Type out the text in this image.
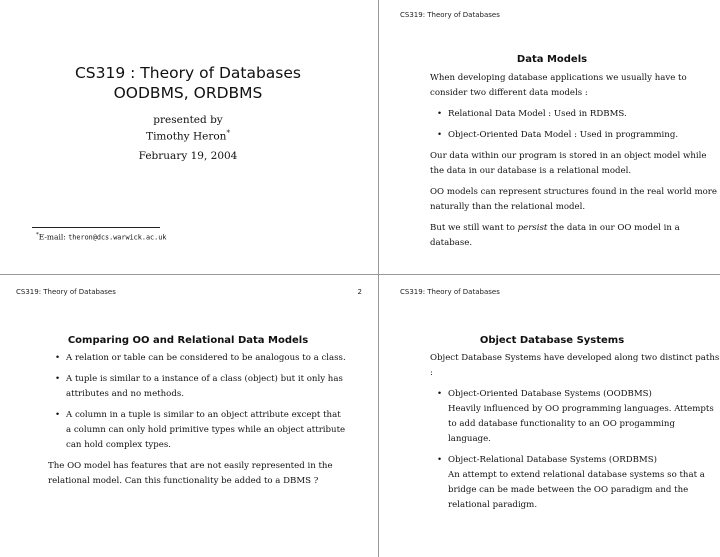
CS319 : Theory of Databases
OODBMS, ORDBMS
presented by
Timothy Heron*
February 19, 2004
*E-mail: theron@dcs.warwick.ac.uk
CS319: Theory of Databases
Data Models

When developing database applications we usually have to consider two different data models :

• Relational Data Model : Used in RDBMS.
• Object-Oriented Data Model : Used in programming.

Our data within our program is stored in an object model while the data in our database is a relational model.

OO models can represent structures found in the real world more naturally than the relational model.

But we still want to persist the data in our OO model in a database.

CS319: Theory of Databases	2
Comparing OO and Relational Data Models
• A relation or table can be considered to be analogous to a class.
• A tuple is similar to a instance of a class (object) but it only has attributes and no methods.
• A column in a tuple is similar to an object attribute except that a column can only hold primitive types while an object attribute can hold complex types.

The OO model has features that are not easily represented in the relational model. Can this functionality be added to a DBMS ?

CS319: Theory of Databases
Object Database Systems

Object Database Systems have developed along two distinct paths :

• Object-Oriented Database Systems (OODBMS)
Heavily influenced by OO programming languages. Attempts to add database functionality to an OO progamming language.
• Object-Relational Database Systems (ORDBMS)
An attempt to extend relational database systems so that a bridge can be made between the OO paradigm and the relational paradigm.
